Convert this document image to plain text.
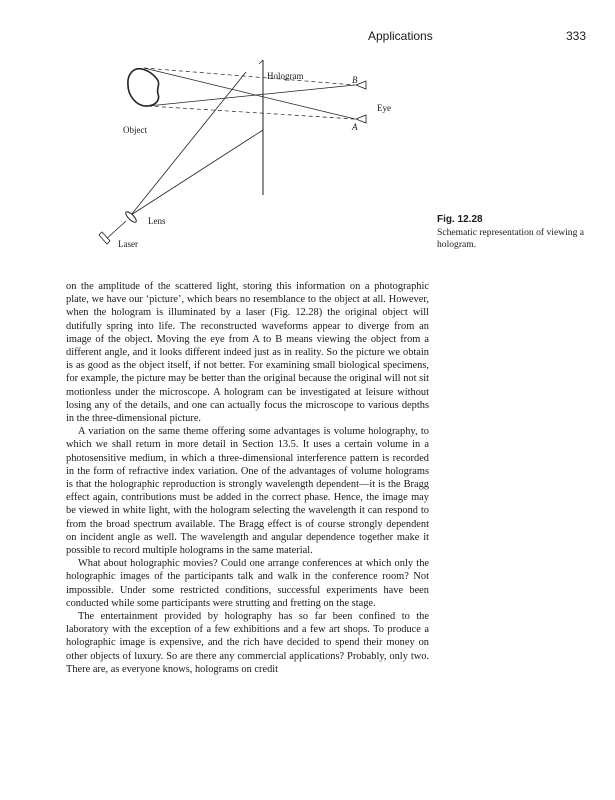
Applications	333
Hologram	B
Eye
A
Object
Lens
Laser
Fig. 12.28
Schematic representation of viewing a hologram.

on the amplitude of the scattered light, storing this information on a photographic plate, we have our ‘picture’, which bears no resemblance to the object at all. However, when the hologram is illuminated by a laser (Fig. 12.28) the original object will dutifully spring into life. The reconstructed waveforms appear to diverge from an image of the object. Moving the eye from A to B means viewing the object from a different angle, and it looks different indeed just as in reality. So the picture we obtain is as good as the object itself, if not better. For examining small biological specimens, for example, the picture may be better than the original because the original will not sit motionless under the microscope. A hologram can be investigated at leisure without losing any of the details, and one can actually focus the microscope to various depths in the three-dimensional picture.

A variation on the same theme offering some advantages is volume holography, to which we shall return in more detail in Section 13.5. It uses a certain volume in a photosensitive medium, in which a three-dimensional interference pattern is recorded in the form of refractive index variation. One of the advantages of volume holograms is that the holographic reproduction is strongly wavelength dependent—it is the Bragg effect again, contributions must be added in the correct phase. Hence, the image may be viewed in white light, with the hologram selecting the wavelength it can respond to from the broad spectrum available. The Bragg effect is of course strongly dependent on incident angle as well. The wavelength and angular dependence together make it possible to record multiple holograms in the same material.

What about holographic movies? Could one arrange conferences at which only the holographic images of the participants talk and walk in the conference room? Not impossible. Under some restricted conditions, successful experiments have been conducted while some participants were strutting and fretting on the stage.

The entertainment provided by holography has so far been confined to the laboratory with the exception of a few exhibitions and a few art shops. To produce a holographic image is expensive, and the rich have decided to spend their money on other objects of luxury. So are there any commercial applications? Probably, only two. There are, as everyone knows, holograms on credit
